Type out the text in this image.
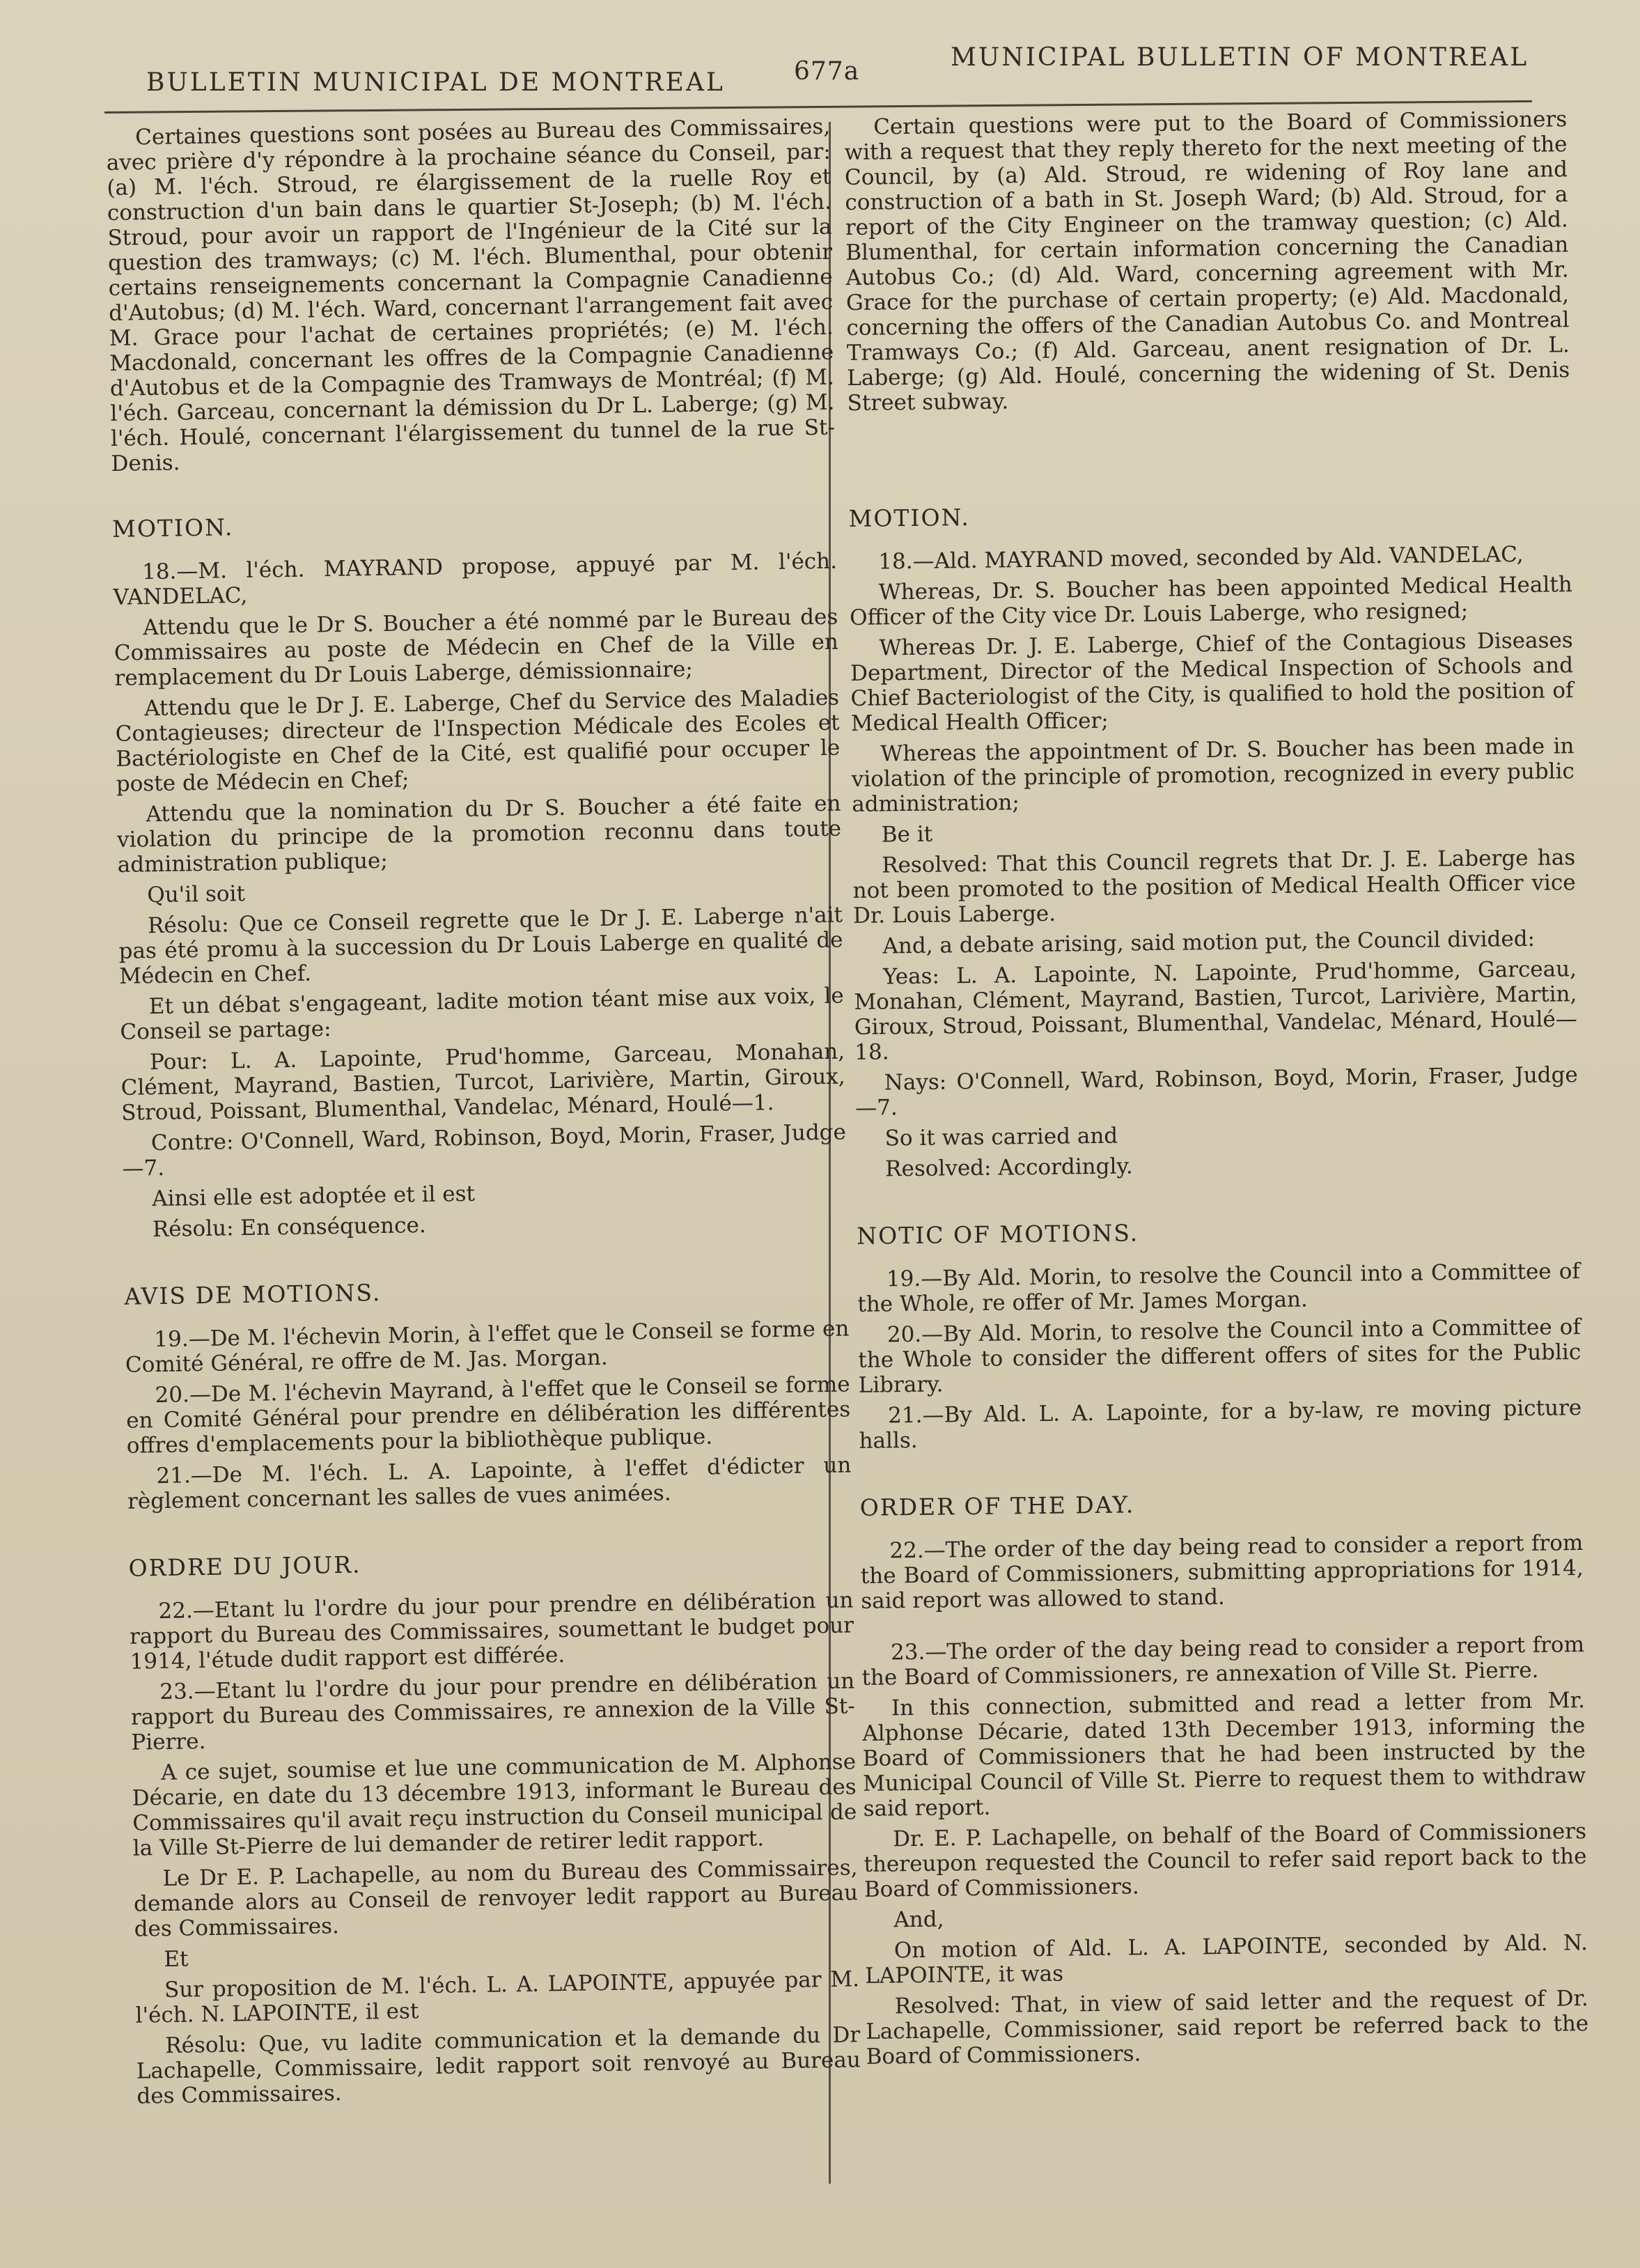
BULLETIN MUNICIPAL DE MONTREAL	677a	MUNICIPAL BULLETIN OF MONTREAL

Certaines questions sont posées au Bureau des Commissaires, avec prière d'y répondre à la prochaine séance du Conseil, par: (a) M. l'éch. Stroud, re élargissement de la ruelle Roy et construction d'un bain dans le quartier St-Joseph; (b) M. l'éch. Stroud, pour avoir un rapport de l'Ingénieur de la Cité sur la question des tramways; (c) M. l'éch. Blumenthal, pour obtenir certains renseignements concernant la Compagnie Canadienne d'Autobus; (d) M. l'éch. Ward, concernant l'arrangement fait avec M. Grace pour l'achat de certaines propriétés; (e) M. l'éch. Macdonald, concernant les offres de la Compagnie Canadienne d'Autobus et de la Compagnie des Tramways de Montréal; (f) M. l'éch. Garceau, concernant la démission du Dr L. Laberge; (g) M. l'éch. Houlé, concernant l'élargissement du tunnel de la rue St-Denis.

MOTION.

18.—M. l'éch. MAYRAND propose, appuyé par M. l'éch. VANDELAC,

Attendu que le Dr S. Boucher a été nommé par le Bureau des Commissaires au poste de Médecin en Chef de la Ville en remplacement du Dr Louis Laberge, démissionnaire;

Attendu que le Dr J. E. Laberge, Chef du Service des Maladies Contagieuses; directeur de l'Inspection Médicale des Ecoles et Bactériologiste en Chef de la Cité, est qualifié pour occuper le poste de Médecin en Chef;

Attendu que la nomination du Dr S. Boucher a été faite en violation du principe de la promotion reconnu dans toute administration publique;

Qu'il soit

Résolu: Que ce Conseil regrette que le Dr J. E. Laberge n'ait pas été promu à la succession du Dr Louis Laberge en qualité de Médecin en Chef.

Et un débat s'engageant, ladite motion téant mise aux voix, le Conseil se partage:

Pour: L. A. Lapointe, Prud'homme, Garceau, Monahan, Clément, Mayrand, Bastien, Turcot, Larivière, Martin, Giroux, Stroud, Poissant, Blumenthal, Vandelac, Ménard, Houlé—1.

Contre: O'Connell, Ward, Robinson, Boyd, Morin, Fraser, Judge—7.

Ainsi elle est adoptée et il est

Résolu: En conséquence.

AVIS DE MOTIONS.

19.—De M. l'échevin Morin, à l'effet que le Conseil se forme en Comité Général, re offre de M. Jas. Morgan.

20.—De M. l'échevin Mayrand, à l'effet que le Conseil se forme en Comité Général pour prendre en délibération les différentes offres d'emplacements pour la bibliothèque publique.

21.—De M. l'éch. L. A. Lapointe, à l'effet d'édicter un règlement concernant les salles de vues animées.

ORDRE DU JOUR.

22.—Etant lu l'ordre du jour pour prendre en délibération un rapport du Bureau des Commissaires, soumettant le budget pour 1914, l'étude dudit rapport est différée.

23.—Etant lu l'ordre du jour pour prendre en délibération un rapport du Bureau des Commissaires, re annexion de la Ville St-Pierre.

A ce sujet, soumise et lue une communication de M. Alphonse Décarie, en date du 13 décembre 1913, informant le Bureau des Commissaires qu'il avait reçu instruction du Conseil municipal de la Ville St-Pierre de lui demander de retirer ledit rapport.

Le Dr E. P. Lachapelle, au nom du Bureau des Commissaires, demande alors au Conseil de renvoyer ledit rapport au Bureau des Commissaires.

Et

Sur proposition de M. l'éch. L. A. LAPOINTE, appuyée par M. l'éch. N. LAPOINTE, il est

Résolu: Que, vu ladite communication et la demande du Dr Lachapelle, Commissaire, ledit rapport soit renvoyé au Bureau des Commissaires.

Certain questions were put to the Board of Commissioners with a request that they reply thereto for the next meeting of the Council, by (a) Ald. Stroud, re widening of Roy lane and construction of a bath in St. Joseph Ward; (b) Ald. Stroud, for a report of the City Engineer on the tramway question; (c) Ald. Blumenthal, for certain information concerning the Canadian Autobus Co.; (d) Ald. Ward, concerning agreement with Mr. Grace for the purchase of certain property; (e) Ald. Macdonald, concerning the offers of the Canadian Autobus Co. and Montreal Tramways Co.; (f) Ald. Garceau, anent resignation of Dr. L. Laberge; (g) Ald. Houlé, concerning the widening of St. Denis Street subway.

MOTION.

18.—Ald. MAYRAND moved, seconded by Ald. VANDELAC,

Whereas, Dr. S. Boucher has been appointed Medical Health Officer of the City vice Dr. Louis Laberge, who resigned;

Whereas Dr. J. E. Laberge, Chief of the Contagious Diseases Department, Director of the Medical Inspection of Schools and Chief Bacteriologist of the City, is qualified to hold the position of Medical Health Officer;

Whereas the appointment of Dr. S. Boucher has been made in violation of the principle of promotion, recognized in every public administration;

Be it

Resolved: That this Council regrets that Dr. J. E. Laberge has not been promoted to the position of Medical Health Officer vice Dr. Louis Laberge.

And, a debate arising, said motion put, the Council divided:

Yeas: L. A. Lapointe, N. Lapointe, Prud'homme, Garceau, Monahan, Clément, Mayrand, Bastien, Turcot, Larivière, Martin, Giroux, Stroud, Poissant, Blumenthal, Vandelac, Ménard, Houlé—18.

Nays: O'Connell, Ward, Robinson, Boyd, Morin, Fraser, Judge—7.

So it was carried and

Resolved: Accordingly.

NOTIC OF MOTIONS.

19.—By Ald. Morin, to resolve the Council into a Committee of the Whole, re offer of Mr. James Morgan.

20.—By Ald. Morin, to resolve the Council into a Committee of the Whole to consider the different offers of sites for the Public Library.

21.—By Ald. L. A. Lapointe, for a by-law, re moving picture halls.

ORDER OF THE DAY.

22.—The order of the day being read to consider a report from the Board of Commissioners, submitting appropriations for 1914, said report was allowed to stand.

23.—The order of the day being read to consider a report from the Board of Commissioners, re annexation of Ville St. Pierre.

In this connection, submitted and read a letter from Mr. Alphonse Décarie, dated 13th December 1913, informing the Board of Commissioners that he had been instructed by the Municipal Council of Ville St. Pierre to request them to withdraw said report.

Dr. E. P. Lachapelle, on behalf of the Board of Commissioners thereupon requested the Council to refer said report back to the Board of Commissioners.

And,

On motion of Ald. L. A. LAPOINTE, seconded by Ald. N. LAPOINTE, it was

Resolved: That, in view of said letter and the request of Dr. Lachapelle, Commissioner, said report be referred back to the Board of Commissioners.
